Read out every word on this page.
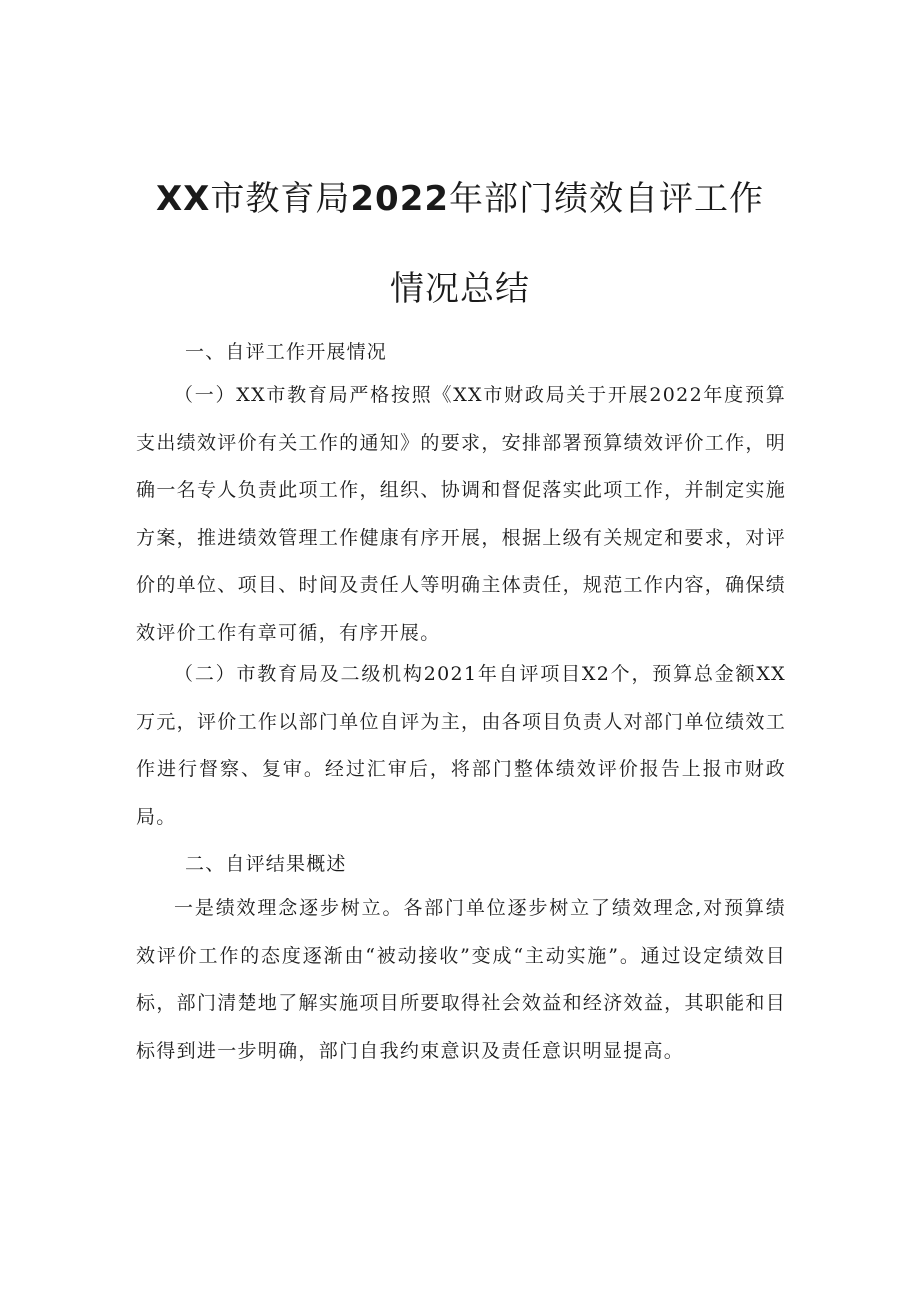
XX市教育局2022年部门绩效自评工作
情况总结
一、自评工作开展情况

（一）XX市教育局严格按照《XX市财政局关于开展2022年度预算支出绩效评价有关工作的通知》的要求，安排部署预算绩效评价工作，明确一名专人负责此项工作，组织、协调和督促落实此项工作，并制定实施方案，推进绩效管理工作健康有序开展，根据上级有关规定和要求，对评价的单位、项目、时间及责任人等明确主体责任，规范工作内容，确保绩效评价工作有章可循，有序开展。

（二）市教育局及二级机构2021年自评项目X2个，预算总金额XX万元，评价工作以部门单位自评为主，由各项目负责人对部门单位绩效工作进行督察、复审。经过汇审后，将部门整体绩效评价报告上报市财政局。

二、自评结果概述

一是绩效理念逐步树立。各部门单位逐步树立了绩效理念,对预算绩效评价工作的态度逐渐由“被动接收”变成“主动实施”。通过设定绩效目标，部门清楚地了解实施项目所要取得社会效益和经济效益，其职能和目标得到进一步明确，部门自我约束意识及责任意识明显提高。
